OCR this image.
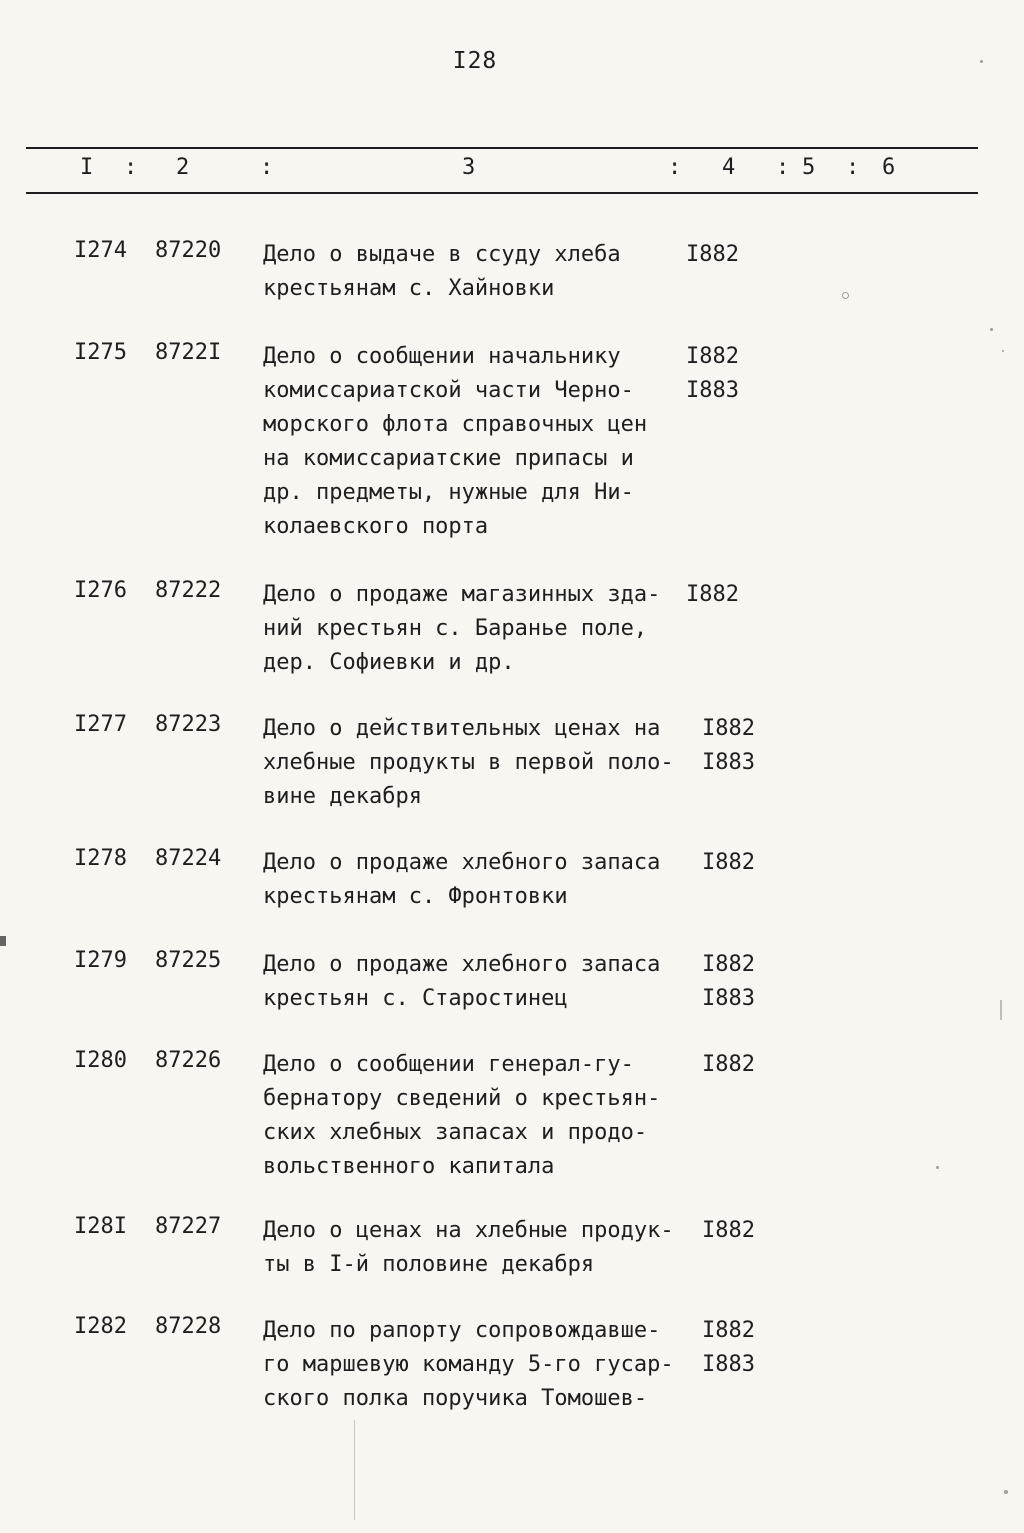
I28
I : 2	:	3	: 4 : 5 : 6
I274 87220 Дело о выдаче в ссуду хлеба
крестьянам с. Хайновки
I882
I275 8722I Дело о сообщении начальнику
комиссариатской части Черно-
морского флота справочных цен
на комиссариатские припасы и
др. предметы, нужные для Ни-
колаевского порта
I882
I883
I276 87222 Дело о продаже магазинных зда-
ний крестьян с. Баранье поле,
дер. Софиевки и др.
I882
I277 87223 Дело о действительных ценах на
хлебные продукты в первой поло-
вине декабря
I882
I883
I278 87224 Дело о продаже хлебного запаса
крестьянам с. Фронтовки
I882
I279 87225 Дело о продаже хлебного запаса
крестьян с. Старостинец
I882
I883
I280 87226 Дело о сообщении генерал-гу-
бернатору сведений о крестьян-
ских хлебных запасах и продо-
вольственного капитала
I882
I28I 87227 Дело о ценах на хлебные продук-
ты в I-й половине декабря
I882
I282 87228 Дело по рапорту сопровождавше-
го маршевую команду 5-го гусар-
ского полка поручика Томошев-
I882
I883
